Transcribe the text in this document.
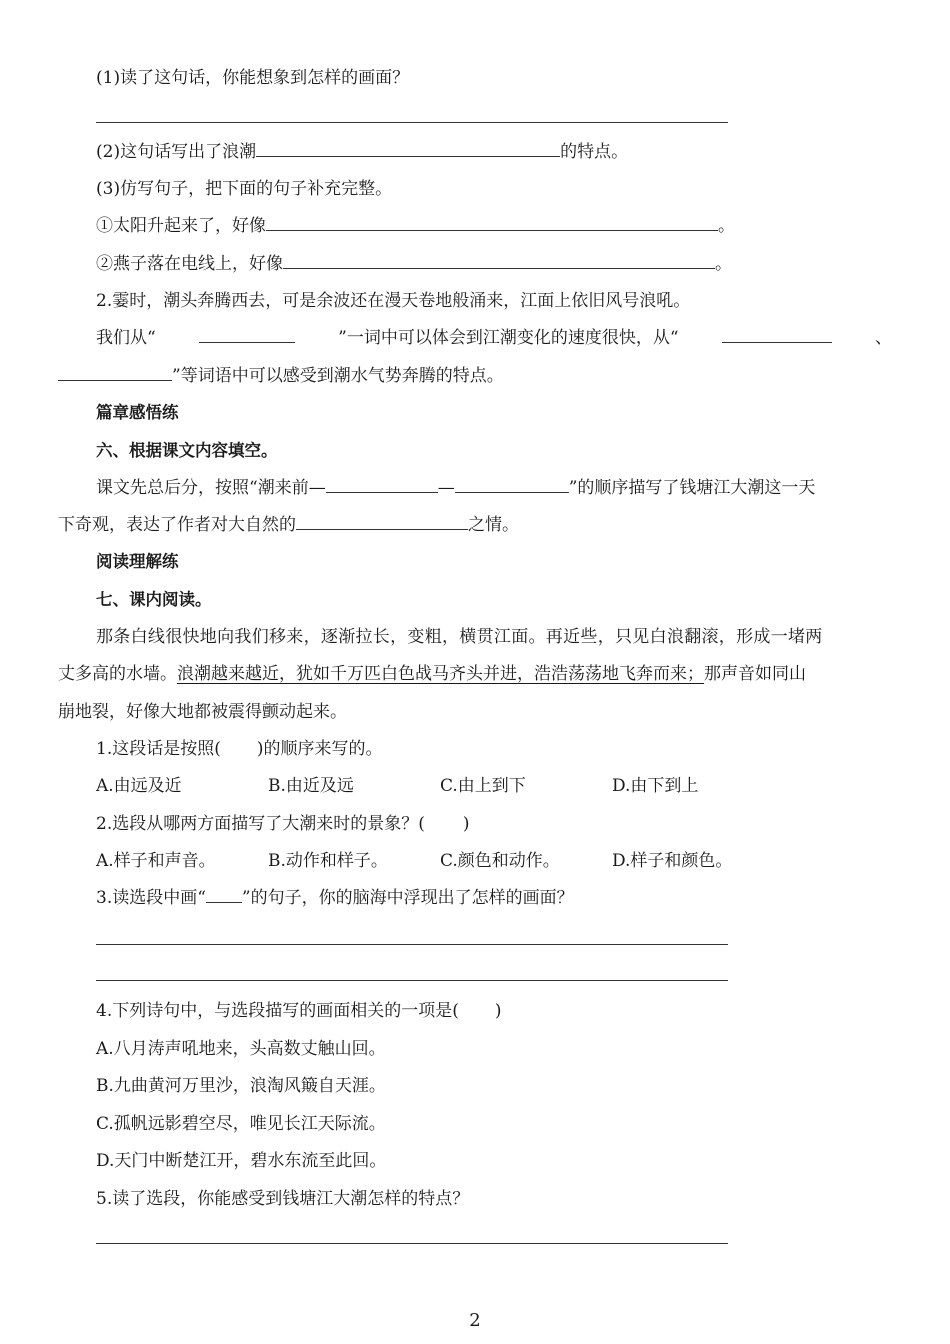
(1)读了这句话，你能想象到怎样的画面？
(2)这句话写出了浪潮	的特点。
(3)仿写句子，把下面的句子补充完整。
①太阳升起来了，好像	。
②燕子落在电线上，好像	。
2.霎时，潮头奔腾西去，可是余波还在漫天卷地般涌来，江面上依旧风号浪吼。
我们从“	”一词中可以体会到江潮变化的速度很快，从“	、
”等词语中可以感受到潮水气势奔腾的特点。
篇章感悟练
六、根据课文内容填空。
课文先总后分，按照“潮来前—	—	”的顺序描写了钱塘江大潮这一天
下奇观，表达了作者对大自然的	之情。
阅读理解练
七、课内阅读。
那条白线很快地向我们移来，逐渐拉长，变粗，横贯江面。再近些，只见白浪翻滚，形成一堵两
丈多高的水墙。浪潮越来越近，犹如千万匹白色战马齐头并进，浩浩荡荡地飞奔而来；那声音如同山
崩地裂，好像大地都被震得颤动起来。
1.这段话是按照( )的顺序来写的。
A.由远及近	B.由近及远	C.由上到下	D.由下到上
2.选段从哪两方面描写了大潮来时的景象？( )
A.样子和声音。	B.动作和样子。	C.颜色和动作。	D.样子和颜色。
3.读选段中画“ ”的句子，你的脑海中浮现出了怎样的画面？
4.下列诗句中，与选段描写的画面相关的一项是( )
A.八月涛声吼地来，头高数丈触山回。
B.九曲黄河万里沙，浪淘风簸自天涯。
C.孤帆远影碧空尽，唯见长江天际流。
D.天门中断楚江开，碧水东流至此回。
5.读了选段，你能感受到钱塘江大潮怎样的特点？
2
